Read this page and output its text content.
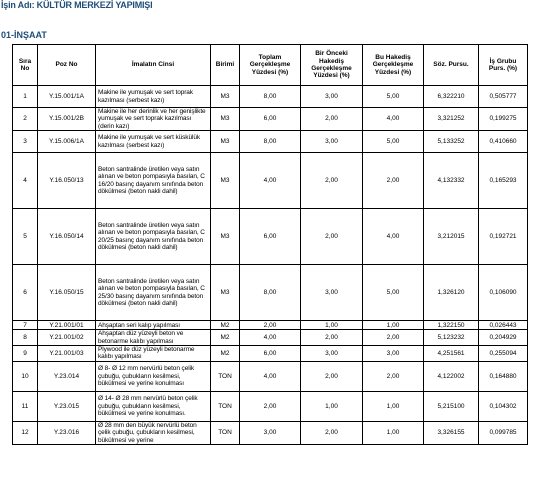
İşin Adı: KÜLTÜR MERKEZİ YAPIMIŞI
01-İNŞAAT
Sıra No	Poz No	İmalatın Cinsi	Birimi	Toplam Gerçekleşme Yüzdesi (%)	Bir Önceki Hakediş Gerçekleşme Yüzdesi (%)	Bu Hakediş Gerçekleşme Yüzdesi (%)	Söz. Pursu.	İş Grubu Purs. (%)
1	Y.15.001/1A	Makine ile yumuşak ve sert toprak kazılması (serbest kazı)	M3	8,00	3,00	5,00	6,322210	0,505777
2	Y.15.001/2B	Makine ile her derinlik ve her genişlikte yumuşak ve sert toprak kazılması (derin kazı)	M3	6,00	2,00	4,00	3,321252	0,199275
3	Y.15.006/1A	Makine ile yumuşak ve sert küskülük kazılması (serbest kazı)	M3	8,00	3,00	5,00	5,133252	0,410660
4	Y.16.050/13	Beton santralinde üretilen veya satın alınan ve beton pompasıyla basılan, C 16/20 basınç dayanım sınıfında beton dökülmesi (beton nakli dahil)	M3	4,00	2,00	2,00	4,132332	0,165293
5	Y.16.050/14	Beton santralinde üretilen veya satın alınan ve beton pompasıyla basılan, C 20/25 basınç dayanım sınıfında beton dökülmesi (beton nakli dahil)	M3	6,00	2,00	4,00	3,212015	0,192721
6	Y.16.050/15	Beton santralinde üretilen veya satın alınan ve beton pompasıyla basılan, C 25/30 basınç dayanım sınıfında beton dökülmesi (beton nakli dahil)	M3	8,00	3,00	5,00	1,326120	0,106090
7	Y.21.001/01	Ahşaptan seri kalıp yapılması	M2	2,00	1,00	1,00	1,322150	0,026443
8	Y.21.001/02	Ahşaptan düz yüzeyli beton ve betonarme kalıbı yapılması	M2	4,00	2,00	2,00	5,123232	0,204929
9	Y.21.001/03	Plywood ile düz yüzeyli betonarme kalıbı yapılması	M2	6,00	3,00	3,00	4,251561	0,255094
10	Y.23.014	Ø 8- Ø 12 mm nervürlü beton çelik çubuğu, çubukların kesilmesi, bükülmesi ve yerine konulması	TON	4,00	2,00	2,00	4,122002	0,164880
11	Y.23.015	Ø 14- Ø 28 mm nervürlü beton çelik çubuğu, çubukların kesilmesi, bükülmesi ve yerine konulması.	TON	2,00	1,00	1,00	5,215100	0,104302
12	Y.23.016	Ø 28 mm den büyük nervürlü beton çelik çubuğu, çubukların kesilmesi, bükülmesi ve yerine	TON	3,00	2,00	1,00	3,326155	0,099785
